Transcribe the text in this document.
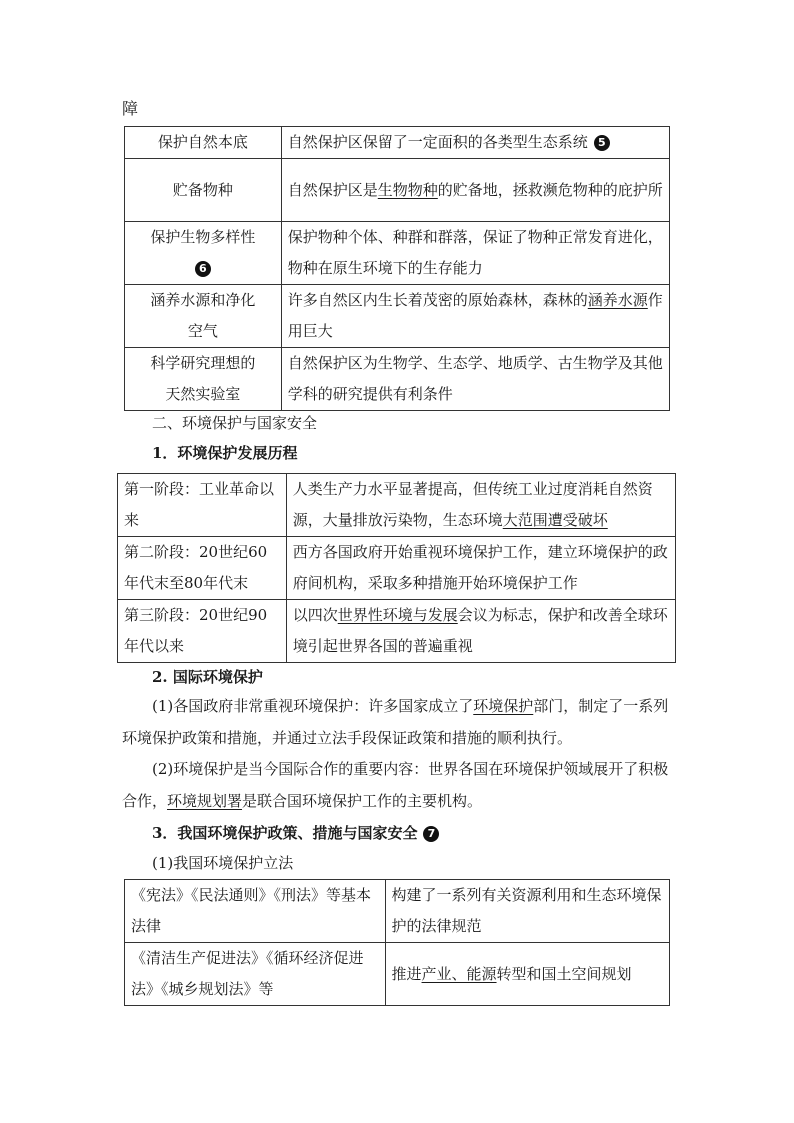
障
保护自然本底	自然保护区保留了一定面积的各类型生态系统 5
贮备物种	自然保护区是生物物种的贮备地，拯救濒危物种的庇护所
保护生物多样性
6	保护物种个体、种群和群落，保证了物种正常发育进化，物种在原生环境下的生存能力
涵养水源和净化空气	许多自然区内生长着茂密的原始森林，森林的涵养水源作用巨大
科学研究理想的天然实验室	自然保护区为生物学、生态学、地质学、古生物学及其他学科的研究提供有利条件
二、环境保护与国家安全
1．环境保护发展历程
第一阶段：工业革命以来	人类生产力水平显著提高，但传统工业过度消耗自然资源，大量排放污染物，生态环境大范围遭受破坏
第二阶段：20世纪60年代末至80年代末	西方各国政府开始重视环境保护工作，建立环境保护的政府间机构，采取多种措施开始环境保护工作
第三阶段：20世纪90年代以来	以四次世界性环境与发展会议为标志，保护和改善全球环境引起世界各国的普遍重视
2. 国际环境保护
(1)各国政府非常重视环境保护：许多国家成立了环境保护部门，制定了一系列环境保护政策和措施，并通过立法手段保证政策和措施的顺利执行。
(2)环境保护是当今国际合作的重要内容：世界各国在环境保护领域展开了积极合作，环境规划署是联合国环境保护工作的主要机构。
3．我国环境保护政策、措施与国家安全 7
(1)我国环境保护立法
《宪法》《民法通则》《刑法》等基本法律	构建了一系列有关资源利用和生态环境保护的法律规范
《清洁生产促进法》《循环经济促进法》《城乡规划法》等	推进产业、能源转型和国土空间规划
